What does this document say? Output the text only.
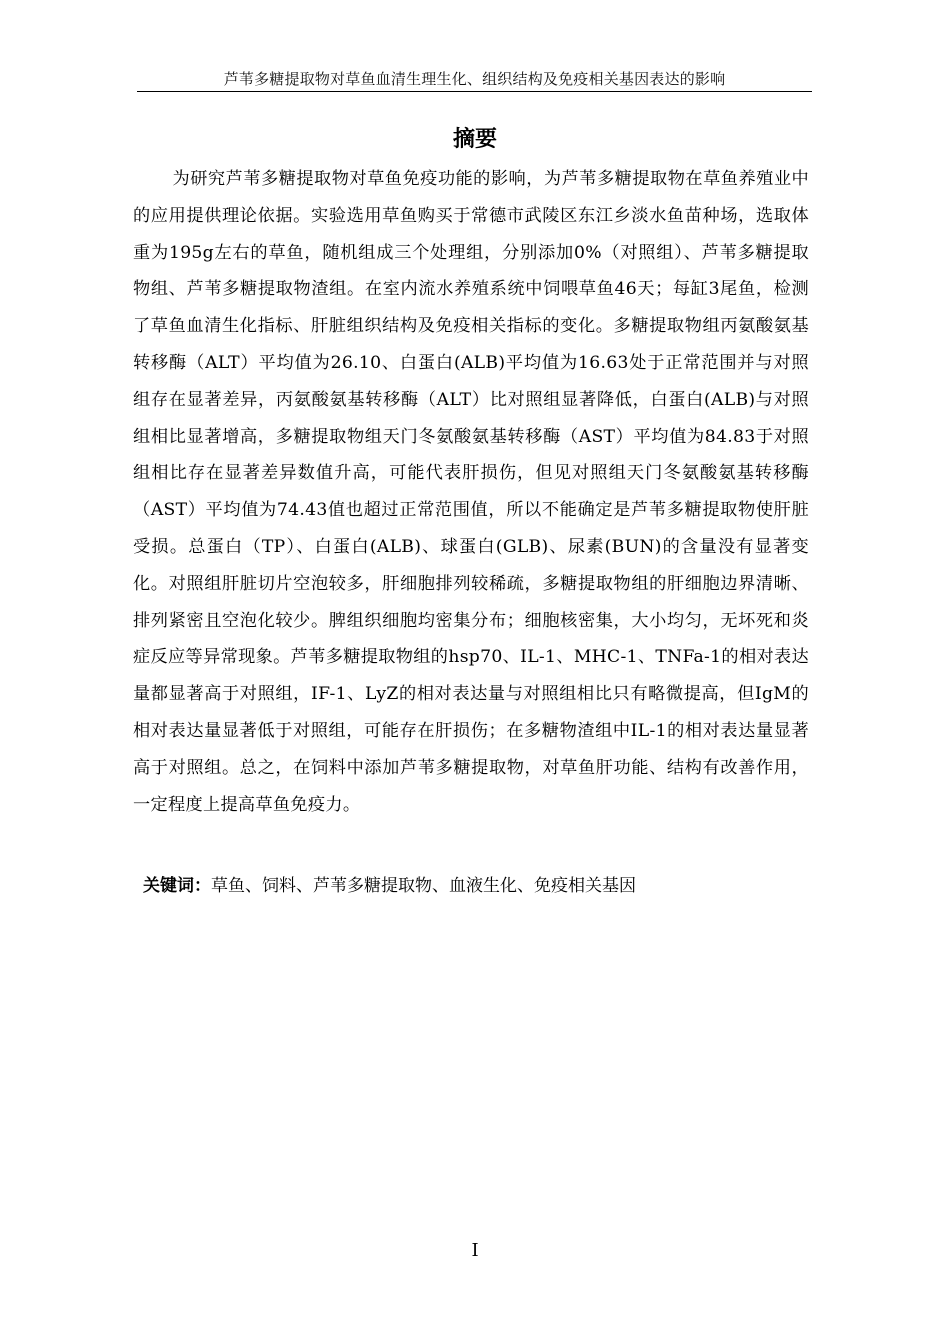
芦苇多糖提取物对草鱼血清生理生化、组织结构及免疫相关基因表达的影响
摘要

为研究芦苇多糖提取物对草鱼免疫功能的影响，为芦苇多糖提取物在草鱼养殖业中的应用提供理论依据。实验选用草鱼购买于常德市武陵区东江乡淡水鱼苗种场，选取体重为195g左右的草鱼，随机组成三个处理组，分别添加0%（对照组）、芦苇多糖提取物组、芦苇多糖提取物渣组。在室内流水养殖系统中饲喂草鱼46天；每缸3尾鱼，检测了草鱼血清生化指标、肝脏组织结构及免疫相关指标的变化。多糖提取物组丙氨酸氨基转移酶（ALT）平均值为26.10、白蛋白(ALB)平均值为16.63处于正常范围并与对照组存在显著差异，丙氨酸氨基转移酶（ALT）比对照组显著降低，白蛋白(ALB)与对照组相比显著增高，多糖提取物组天门冬氨酸氨基转移酶（AST）平均值为84.83于对照组相比存在显著差异数值升高，可能代表肝损伤，但见对照组天门冬氨酸氨基转移酶（AST）平均值为74.43值也超过正常范围值，所以不能确定是芦苇多糖提取物使肝脏受损。总蛋白（TP）、白蛋白(ALB)、球蛋白(GLB)、尿素(BUN)的含量没有显著变化。对照组肝脏切片空泡较多，肝细胞排列较稀疏，多糖提取物组的肝细胞边界清晰、排列紧密且空泡化较少。脾组织细胞均密集分布；细胞核密集，大小均匀，无坏死和炎症反应等异常现象。芦苇多糖提取物组的hsp70、IL-1、MHC-1、TNFa-1的相对表达量都显著高于对照组，IF-1、LyZ的相对表达量与对照组相比只有略微提高，但IgM的相对表达量显著低于对照组，可能存在肝损伤；在多糖物渣组中IL-1的相对表达量显著高于对照组。总之，在饲料中添加芦苇多糖提取物，对草鱼肝功能、结构有改善作用，一定程度上提高草鱼免疫力。

关键词：草鱼、饲料、芦苇多糖提取物、血液生化、免疫相关基因
I
